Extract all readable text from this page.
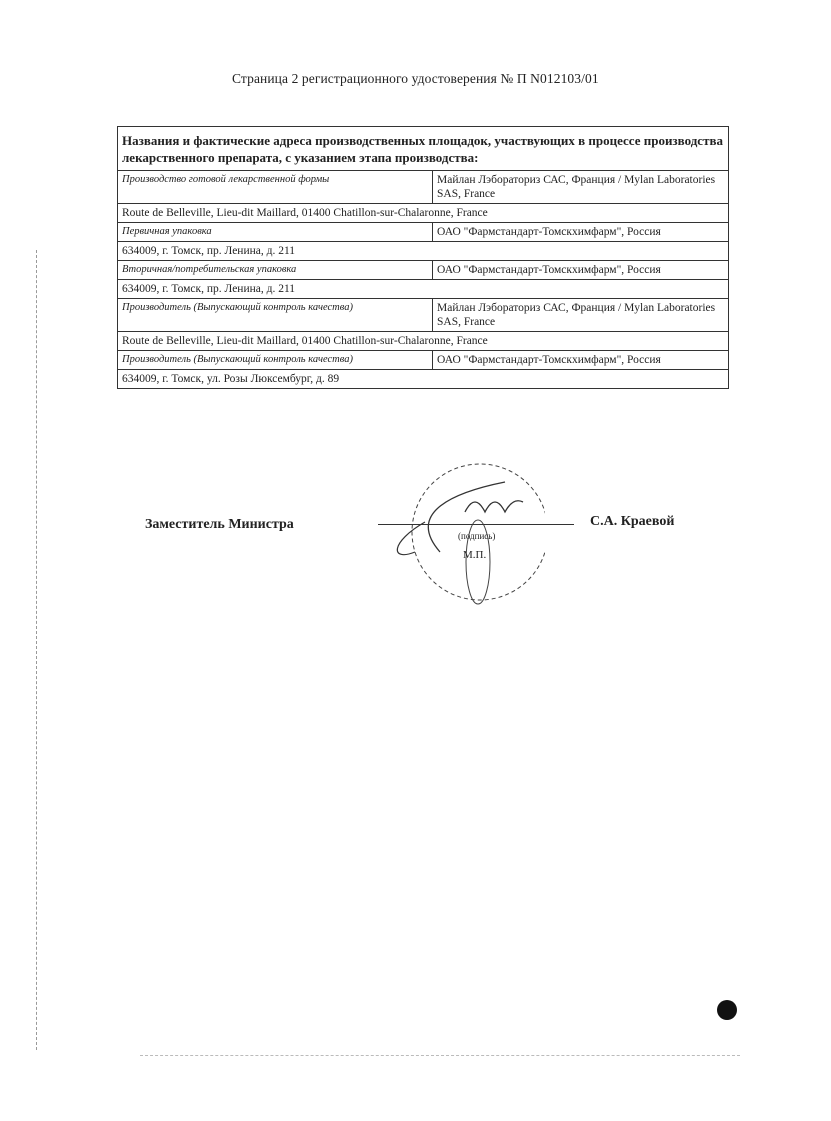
Страница 2 регистрационного удостоверения № П N012103/01
Названия и фактические адреса производственных площадок, участвующих в процессе производства лекарственного препарата, с указанием этапа производства:	
Производство готовой лекарственной формы	Майлан Лэбораториз САС, Франция / Mylan Laboratories SAS, France
Route de Belleville, Lieu-dit Maillard, 01400 Chatillon-sur-Chalaronne, France	
Первичная упаковка	ОАО "Фармстандарт-Томскхимфарм", Россия
634009, г. Томск, пр. Ленина, д. 211	
Вторичная/потребительская упаковка	ОАО "Фармстандарт-Томскхимфарм", Россия
634009, г. Томск, пр. Ленина, д. 211	
Производитель (Выпускающий контроль качества)	Майлан Лэбораториз САС, Франция / Mylan Laboratories SAS, France
Route de Belleville, Lieu-dit Maillard, 01400 Chatillon-sur-Chalaronne, France	
Производитель (Выпускающий контроль качества)	ОАО "Фармстандарт-Томскхимфарм", Россия
634009, г. Томск, ул. Розы Люксембург, д. 89	
Заместитель Министра
(подпись)
М.П.
С.А. Краевой
